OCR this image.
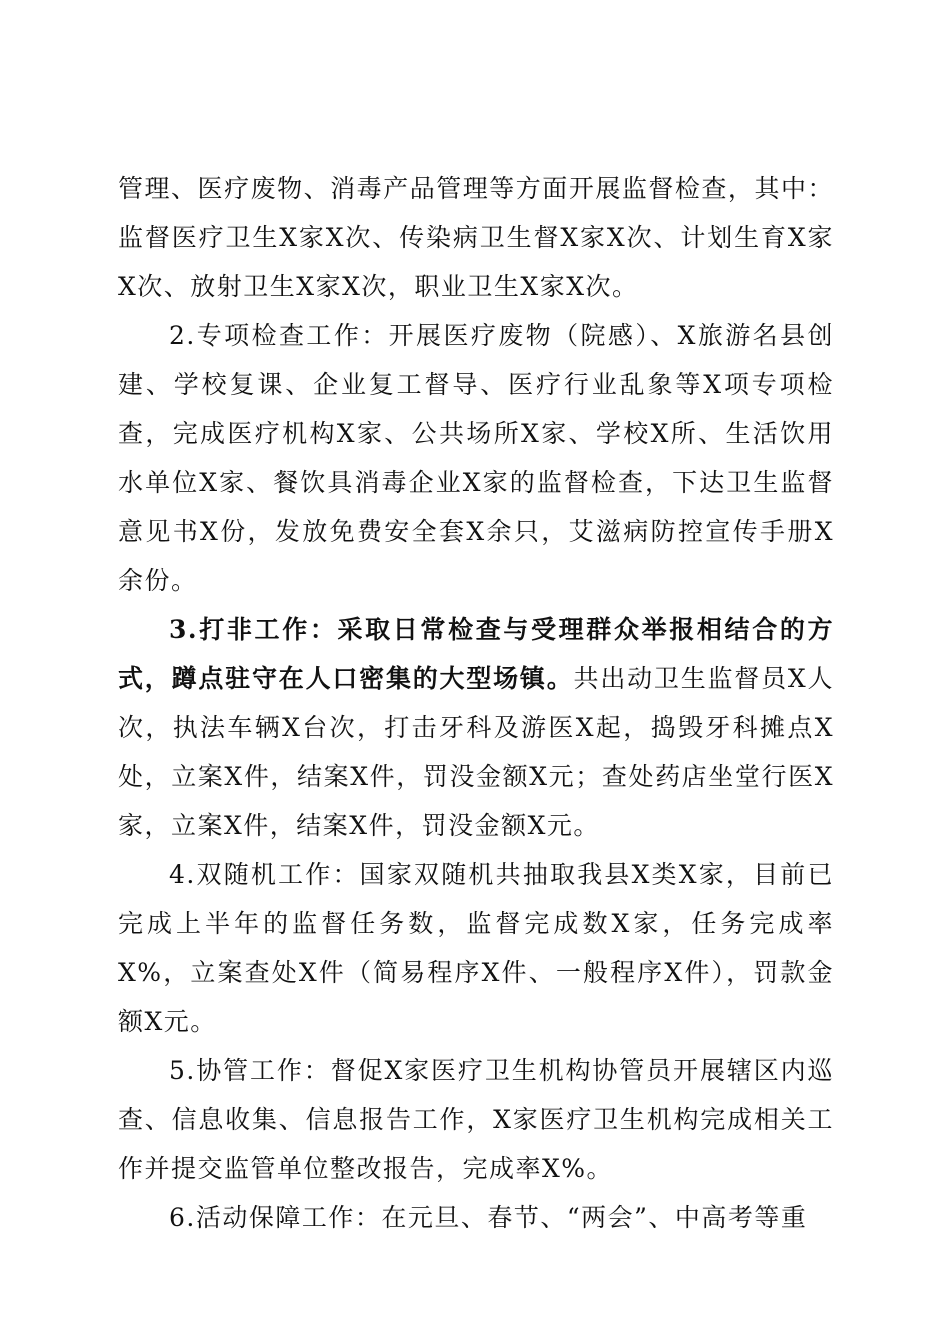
管理、医疗废物、消毒产品管理等方面开展监督检查，其中：监督医疗卫生X家X次、传染病卫生督X家X次、计划生育X家X次、放射卫生X家X次，职业卫生X家X次。

2.专项检查工作：开展医疗废物（院感）、X旅游名县创建、学校复课、企业复工督导、医疗行业乱象等X项专项检查，完成医疗机构X家、公共场所X家、学校X所、生活饮用水单位X家、餐饮具消毒企业X家的监督检查，下达卫生监督意见书X份，发放免费安全套X余只，艾滋病防控宣传手册X余份。

3.打非工作：采取日常检查与受理群众举报相结合的方式，蹲点驻守在人口密集的大型场镇。共出动卫生监督员X人次，执法车辆X台次，打击牙科及游医X起，捣毁牙科摊点X处，立案X件，结案X件，罚没金额X元；查处药店坐堂行医X家，立案X件，结案X件，罚没金额X元。

4.双随机工作：国家双随机共抽取我县X类X家，目前已完成上半年的监督任务数，监督完成数X家，任务完成率X%，立案查处X件（简易程序X件、一般程序X件），罚款金额X元。

5.协管工作：督促X家医疗卫生机构协管员开展辖区内巡查、信息收集、信息报告工作，X家医疗卫生机构完成相关工作并提交监管单位整改报告，完成率X%。

6.活动保障工作：在元旦、春节、“两会”、中高考等重
